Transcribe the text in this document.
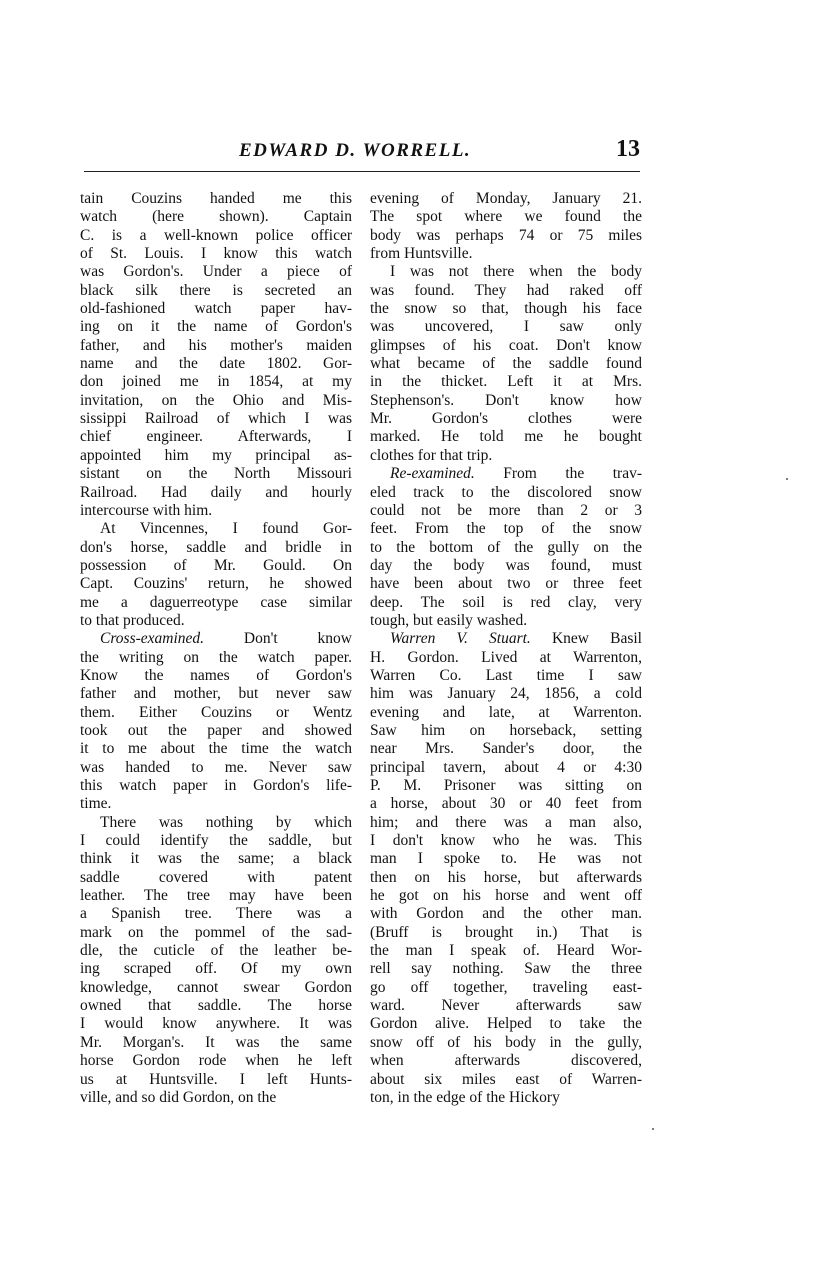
EDWARD D. WORRELL.	13
tain Couzins handed me this
watch (here shown). Captain
C. is a well-known police officer
of St. Louis. I know this watch
was Gordon's. Under a piece of
black silk there is secreted an
old-fashioned watch paper hav-
ing on it the name of Gordon's
father, and his mother's maiden
name and the date 1802. Gor-
don joined me in 1854, at my
invitation, on the Ohio and Mis-
sissippi Railroad of which I was
chief engineer. Afterwards, I
appointed him my principal as-
sistant on the North Missouri
Railroad. Had daily and hourly
intercourse with him.
At Vincennes, I found Gor-
don's horse, saddle and bridle in
possession of Mr. Gould. On
Capt. Couzins' return, he showed
me a daguerreotype case similar
to that produced.
Cross-examined.	Don't know
the writing on the watch paper.
Know the names of Gordon's
father and mother, but never saw
them. Either Couzins or Wentz
took out the paper and showed
it to me about the time the watch
was handed to me. Never saw
this watch paper in Gordon's life-
time.
There was nothing by which
I could identify the saddle, but
think it was the same; a black
saddle covered with patent
leather. The tree may have been
a Spanish tree. There was a
mark on the pommel of the sad-
dle, the cuticle of the leather be-
ing scraped off. Of my own
knowledge, cannot swear Gordon
owned that saddle. The horse
I would know anywhere. It was
Mr. Morgan's. It was the same
horse Gordon rode when he left
us at Huntsville. I left Hunts-
ville, and so did Gordon, on the
evening of Monday, January 21.
The spot where we found the
body was perhaps 74 or 75 miles
from Huntsville.
I was not there when the body
was found. They had raked off
the snow so that, though his face
was uncovered, I saw only
glimpses of his coat. Don't know
what became of the saddle found
in the thicket. Left it at Mrs.
Stephenson's. Don't know how
Mr. Gordon's clothes were
marked. He told me he bought
clothes for that trip.
Re-examined. From the trav-
eled track to the discolored snow
could not be more than 2 or 3
feet. From the top of the snow
to the bottom of the gully on the
day the body was found, must
have been about two or three feet
deep. The soil is red clay, very
tough, but easily washed.
Warren V. Stuart. Knew Basil
H. Gordon. Lived at Warrenton,
Warren Co. Last time I saw
him was January 24, 1856, a cold
evening and late, at Warrenton.
Saw him on horseback, setting
near Mrs. Sander's door, the
principal tavern, about 4 or 4:30
P. M. Prisoner was sitting on
a horse, about 30 or 40 feet from
him; and there was a man also,
I don't know who he was. This
man I spoke to. He was not
then on his horse, but afterwards
he got on his horse and went off
with Gordon and the other man.
(Bruff is brought in.) That is
the man I speak of. Heard Wor-
rell say nothing. Saw the three
go off together, traveling east-
ward. Never afterwards saw
Gordon alive. Helped to take the
snow off of his body in the gully,
when afterwards discovered,
about six miles east of Warren-
ton, in the edge of the Hickory
